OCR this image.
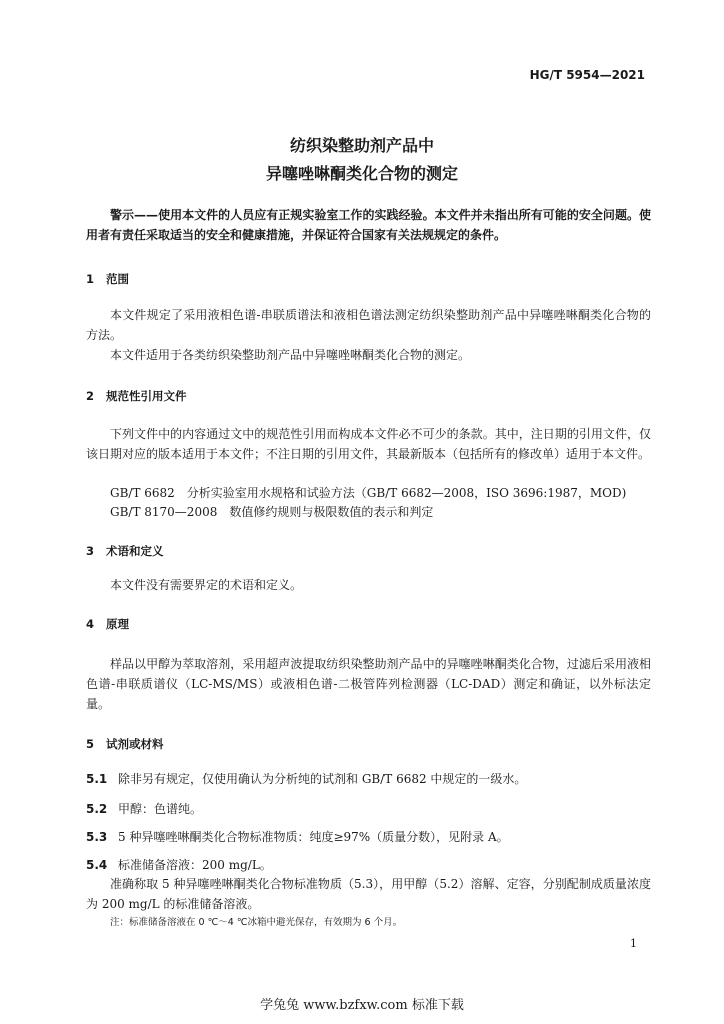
HG/T 5954—2021
纺织染整助剂产品中
异噻唑啉酮类化合物的测定

警示——使用本文件的人员应有正规实验室工作的实践经验。本文件并未指出所有可能的安全问题。使用者有责任采取适当的安全和健康措施，并保证符合国家有关法规规定的条件。

1 范围

本文件规定了采用液相色谱-串联质谱法和液相色谱法测定纺织染整助剂产品中异噻唑啉酮类化合物的方法。

本文件适用于各类纺织染整助剂产品中异噻唑啉酮类化合物的测定。

2 规范性引用文件

下列文件中的内容通过文中的规范性引用而构成本文件必不可少的条款。其中，注日期的引用文件，仅该日期对应的版本适用于本文件；不注日期的引用文件，其最新版本（包括所有的修改单）适用于本文件。

GB/T 6682　分析实验室用水规格和试验方法（GB/T 6682—2008，ISO 3696:1987，MOD)
GB/T 8170—2008　数值修约规则与极限数值的表示和判定
3 术语和定义

本文件没有需要界定的术语和定义。

4 原理

样品以甲醇为萃取溶剂，采用超声波提取纺织染整助剂产品中的异噻唑啉酮类化合物，过滤后采用液相色谱-串联质谱仪（LC-MS/MS）或液相色谱-二极管阵列检测器（LC-DAD）测定和确证，以外标法定量。

5 试剂或材料
5.1 除非另有规定，仅使用确认为分析纯的试剂和 GB/T 6682 中规定的一级水。
5.2 甲醇：色谱纯。
5.3 5 种异噻唑啉酮类化合物标准物质：纯度≥97%（质量分数），见附录 A。
5.4 标准储备溶液：200 mg/L。

准确称取 5 种异噻唑啉酮类化合物标准物质（5.3），用甲醇（5.2）溶解、定容，分别配制成质量浓度为 200 mg/L 的标准储备溶液。

注：标准储备溶液在 0 ℃～4 ℃冰箱中避光保存，有效期为 6 个月。
1
学兔兔 www.bzfxw.com 标准下载
